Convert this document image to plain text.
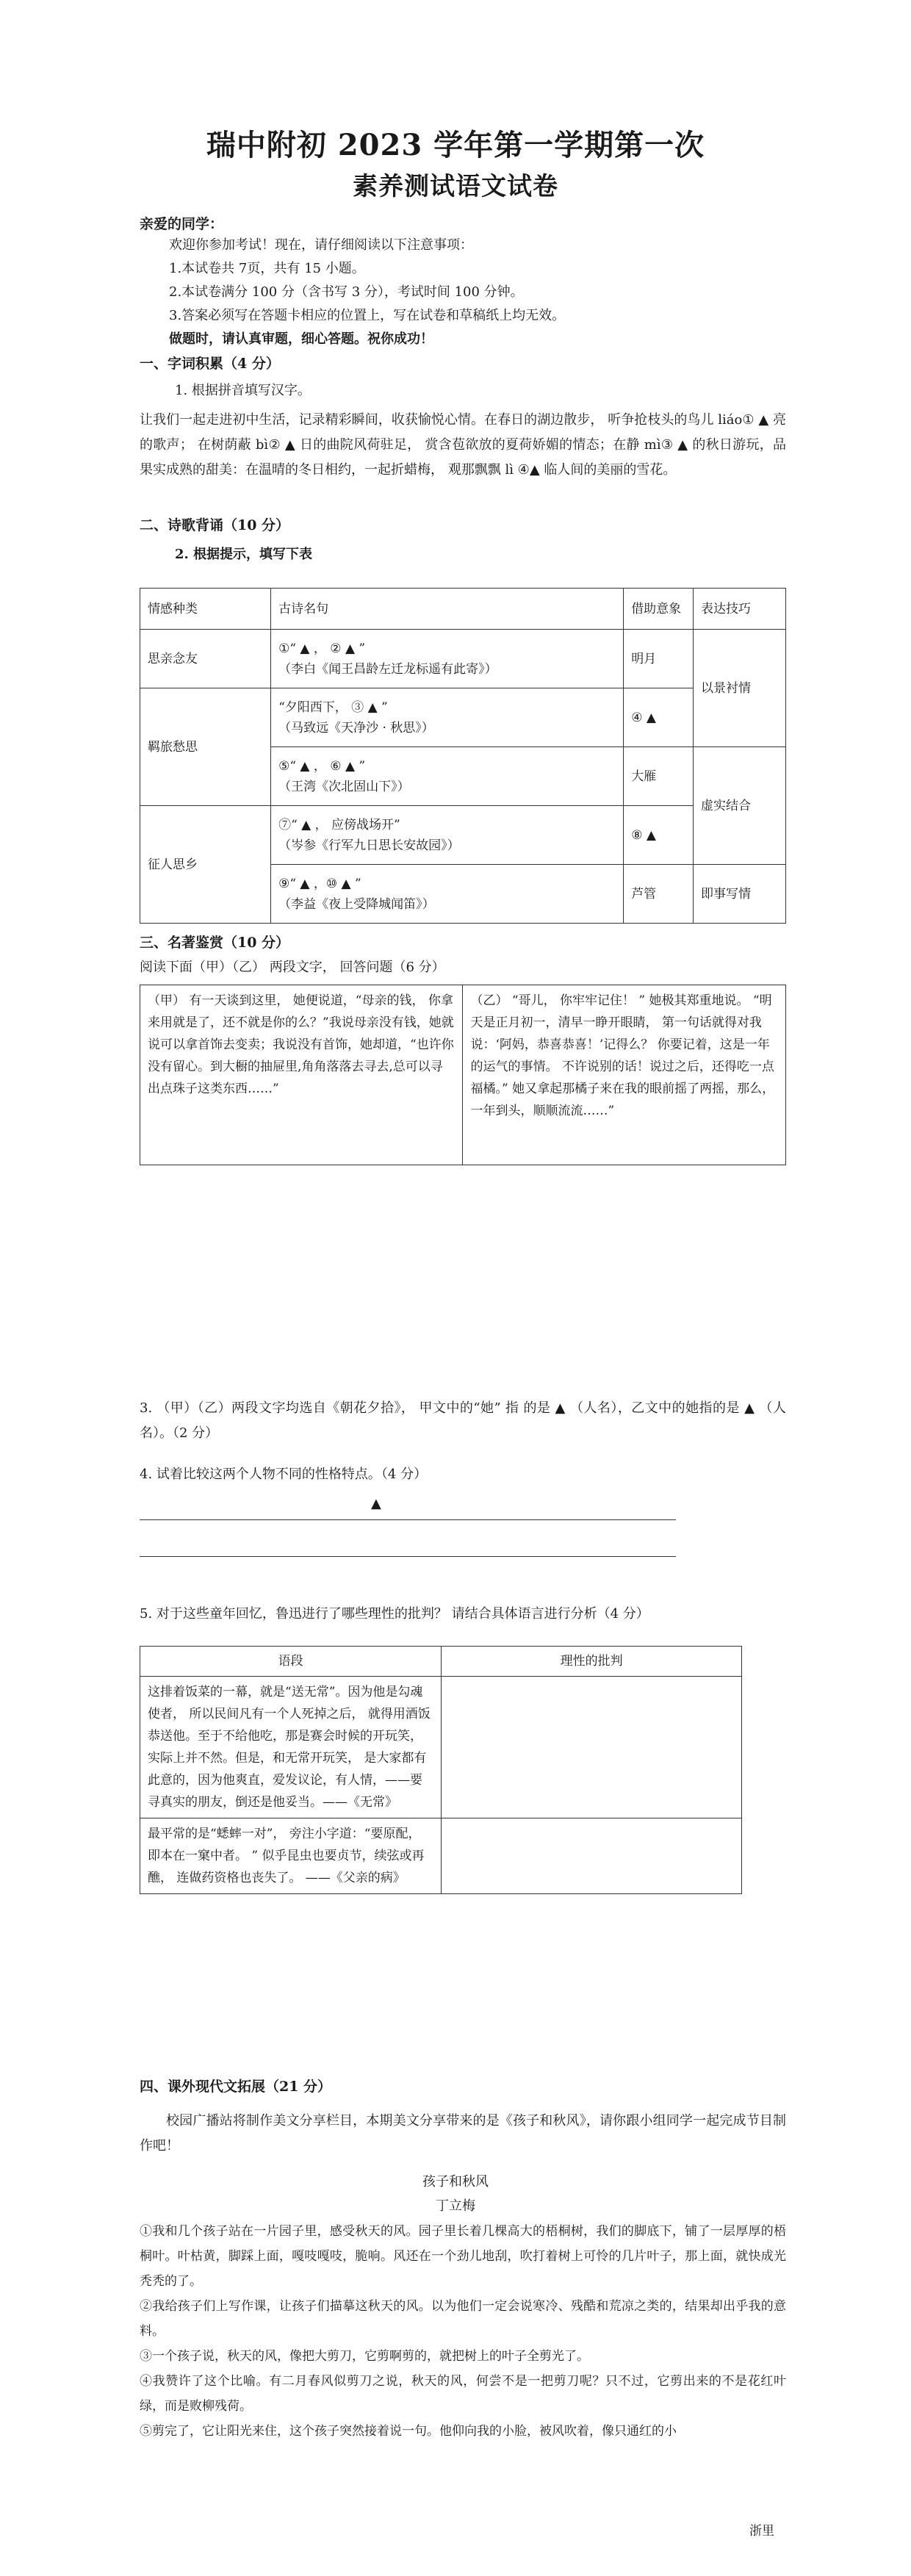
瑞中附初 2023 学年第一学期第一次
素养测试语文试卷
亲爱的同学：
欢迎你参加考试！现在，请仔细阅读以下注意事项：
1.本试卷共 7页，共有 15 小题。
2.本试卷满分 100 分（含书写 3 分），考试时间 100 分钟。
3.答案必须写在答题卡相应的位置上，写在试卷和草稿纸上均无效。
做题时，请认真审题，细心答题。祝你成功！
一、字词积累（4 分）
1. 根据拼音填写汉字。
让我们一起走进初中生活，记录精彩瞬间，收获愉悦心情。在春日的湖边散步， 听争抢枝头的鸟儿 liáo① ▲ 亮的歌声； 在树荫蔽 bì② ▲ 日的曲院风荷驻足， 赏含苞欲放的夏荷娇媚的情态；在静 mì③ ▲ 的秋日游玩，品果实成熟的甜美：在温晴的冬日相约，一起折蜡梅， 观那飘飘 lì ④▲ 临人间的美丽的雪花。
二、诗歌背诵（10 分）
2. 根据提示，填写下表
情感种类	古诗名句	借助意象	表达技巧
思亲念友	①“ ▲ ， ② ▲ ”
（李白《闻王昌龄左迁龙标遥有此寄》）	明月	以景衬情
羁旅愁思	“夕阳西下， ③ ▲ ”
（马致远《天净沙 · 秋思》）	④ ▲	

	⑤“ ▲ ， ⑥ ▲ ”
（王湾《次北固山下》）	大雁	虚实结合
征人思乡	⑦“ ▲ ， 应傍战场开”
（岑参《行军九日思长安故园》）	⑧ ▲	

	⑨“ ▲ ，⑩ ▲ ”
（李益《夜上受降城闻笛》）	芦管	即事写情
三、名著鉴赏（10 分）
阅读下面（甲）（乙） 两段文字， 回答问题（6 分）
（甲） 有一天谈到这里， 她便说道，“母亲的钱， 你拿来用就是了，还不就是你的么？”我说母亲没有钱，她就说可以拿首饰去变卖；我说没有首饰，她却道，“也许你没有留心。到大橱的抽屉里,角角落落去寻去,总可以寻出点珠子这类东西……”	（乙） “哥儿， 你牢牢记住！ ” 她极其郑重地说。 “明天是正月初一，清早一睁开眼睛， 第一句话就得对我说：‘阿妈，恭喜恭喜！’记得么？ 你要记着，这是一年的运气的事情。 不许说别的话！说过之后，还得吃一点福橘。” 她又拿起那橘子来在我的眼前摇了两摇，那么，一年到头，顺顺流流……”
3. （甲）（乙）两段文字均选自《朝花夕拾》， 甲文中的“她” 指 的是 ▲ （人名），乙文中的她指的是 ▲ （人名）。（2 分）
4. 试着比较这两个人物不同的性格特点。（4 分）
▲
5. 对于这些童年回忆，鲁迅进行了哪些理性的批判？ 请结合具体语言进行分析（4 分）
语段	理性的批判
这排着饭菜的一幕，就是“送无常”。因为他是勾魂使者， 所以民间凡有一个人死掉之后， 就得用酒饭恭送他。至于不给他吃，那是赛会时候的开玩笑，实际上并不然。但是，和无常开玩笑， 是大家都有此意的，因为他爽直，爱发议论，有人情，——要寻真实的朋友，倒还是他妥当。——《无常》	
最平常的是“蟋蟀一对”， 旁注小字道：“要原配， 即本在一窠中者。 ” 似乎昆虫也要贞节，续弦或再醮， 连做药资格也丧失了。 ——《父亲的病》	
四、课外现代文拓展（21 分）
校园广播站将制作美文分享栏目，本期美文分享带来的是《孩子和秋风》，请你跟小组同学一起完成节目制作吧！
孩子和秋风
丁立梅
①我和几个孩子站在一片园子里，感受秋天的风。园子里长着几棵高大的梧桐树，我们的脚底下，铺了一层厚厚的梧桐叶。叶枯黄，脚踩上面，嘎吱嘎吱，脆响。风还在一个劲儿地刮，吹打着树上可怜的几片叶子，那上面，就快成光秃秃的了。
②我给孩子们上写作课，让孩子们描摹这秋天的风。以为他们一定会说寒冷、残酷和荒凉之类的，结果却出乎我的意料。
③一个孩子说，秋天的风，像把大剪刀，它剪啊剪的，就把树上的叶子全剪光了。
④我赞许了这个比喻。有二月春风似剪刀之说，秋天的风，何尝不是一把剪刀呢？只不过，它剪出来的不是花红叶绿，而是败柳残荷。
⑤剪完了，它让阳光来住，这个孩子突然接着说一句。他仰向我的小脸，被风吹着，像只通红的小
浙里
